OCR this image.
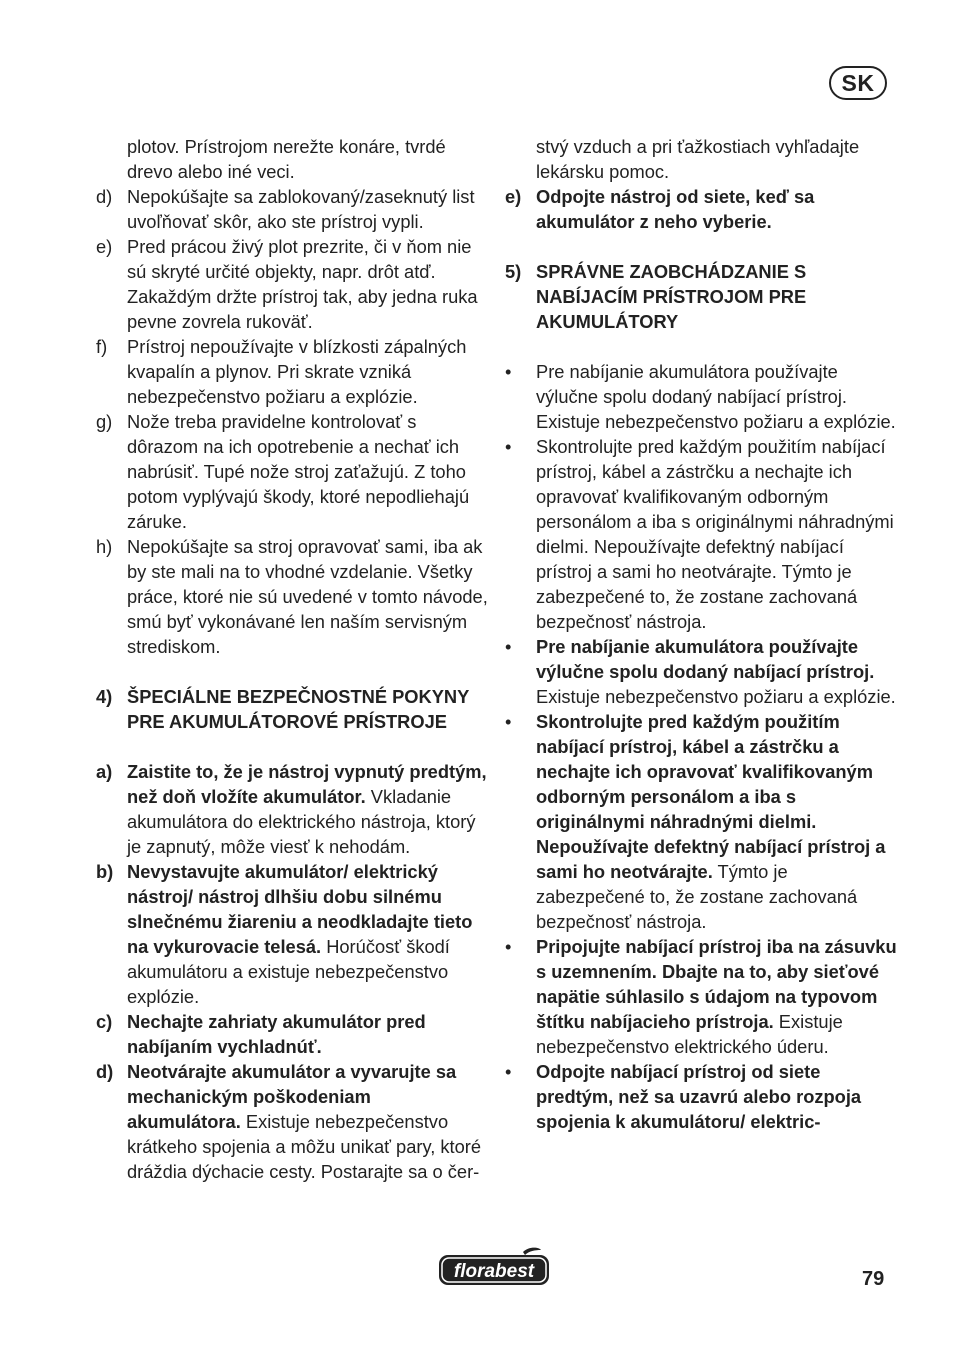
SK
plotov. Prístrojom nerežte konáre, tvrdé drevo alebo iné veci.
d) Nepokúšajte sa zablokovaný/zaseknutý list uvoľňovať skôr, ako ste prístroj vypli.
e) Pred prácou živý plot prezrite, či v ňom nie sú skryté určité objekty, napr. drôt atď. Zakaždým držte prístroj tak, aby jedna ruka pevne zovrela rukoväť.
f) Prístroj nepoužívajte v blízkosti zápalných kvapalín a plynov. Pri skrate vzniká nebezpečenstvo požiaru a explózie.
g) Nože treba pravidelne kontrolovať s dôrazom na ich opotrebenie a nechať ich nabrúsiť. Tupé nože stroj zaťažujú. Z toho potom vyplývajú škody, ktoré nepodliehajú záruke.
h) Nepokúšajte sa stroj opravovať sami, iba ak by ste mali na to vhodné vzdelanie. Všetky práce, ktoré nie sú uvedené v tomto návode, smú byť vykonávané len naším servisným strediskom.
4) ŠPECIÁLNE BEZPEČNOSTNÉ POKYNY PRE AKUMULÁTOROVÉ PRÍSTROJE
a) Zaistite to, že je nástroj vypnutý predtým, než doň vložíte akumulátor. Vkladanie akumulátora do elektrického nástroja, ktorý je zapnutý, môže viesť k nehodám.
b) Nevystavujte akumulátor/ elektrický nástroj/ nástroj dlhšiu dobu silnému slnečnému žiareniu a neodkladajte tieto na vykurovacie telesá. Horúčosť škodí akumulátoru a existuje nebezpečenstvo explózie.
c) Nechajte zahriaty akumulátor pred nabíjaním vychladnúť.
d) Neotvárajte akumulátor a vyvarujte sa mechanickým poškodeniam akumulátora. Existuje nebezpečenstvo krátkeho spojenia a môžu unikať pary, ktoré dráždia dýchacie cesty. Postarajte sa o čer-
stvý vzduch a pri ťažkostiach vyhľadajte lekársku pomoc.
e) Odpojte nástroj od siete, keď sa akumulátor z neho vyberie.
5) SPRÁVNE ZAOBCHÁDZANIE S NABÍJACÍM PRÍSTROJOM PRE AKUMULÁTORY
• Pre nabíjanie akumulátora používajte výlučne spolu dodaný nabíjací prístroj. Existuje nebezpečenstvo požiaru a explózie.
• Skontrolujte pred každým použitím nabíjací prístroj, kábel a zástrčku a nechajte ich opravovať kvalifikovaným odborným personálom a iba s originálnymi náhradnými dielmi. Nepoužívajte defektný nabíjací prístroj a sami ho neotvárajte. Týmto je zabezpečené to, že zostane zachovaná bezpečnosť nástroja.
• Pre nabíjanie akumulátora používajte výlučne spolu dodaný nabíjací prístroj. Existuje nebezpečenstvo požiaru a explózie.
• Skontrolujte pred každým použitím nabíjací prístroj, kábel a zástrčku a nechajte ich opravovať kvalifikovaným odborným personálom a iba s originálnymi náhradnými dielmi. Nepoužívajte defektný nabíjací prístroj a sami ho neotvárajte. Týmto je zabezpečené to, že zostane zachovaná bezpečnosť nástroja.
• Pripojujte nabíjací prístroj iba na zásuvku s uzemnením. Dbajte na to, aby sieťové napätie súhlasilo s údajom na typovom štítku nabíjacieho prístroja. Existuje nebezpečenstvo elektrického úderu.
• Odpojte nabíjací prístroj od siete predtým, než sa uzavrú alebo rozpoja spojenia k akumulátoru/ elektric-
florabest	79
